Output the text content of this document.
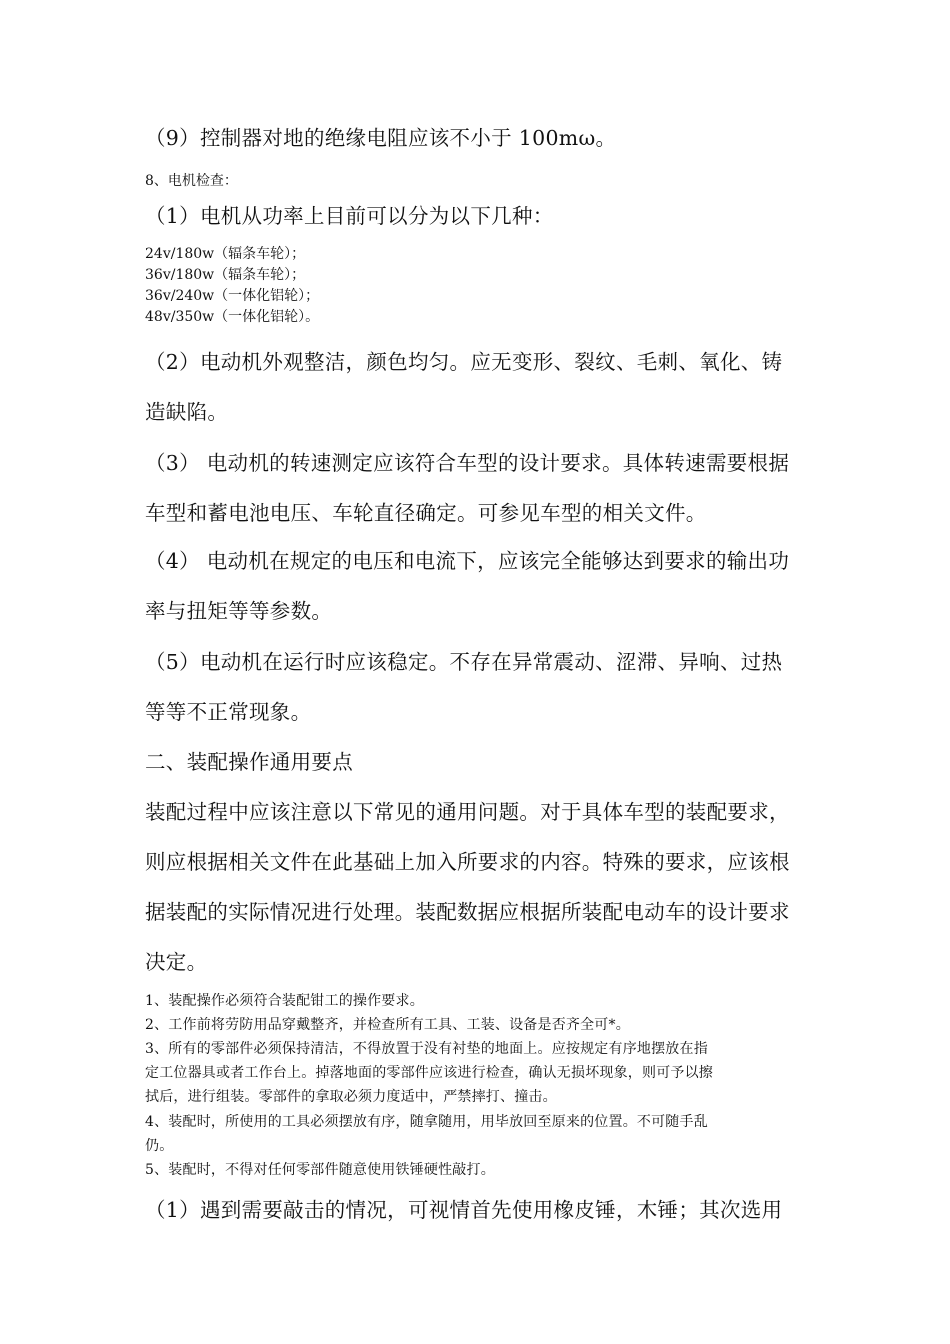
（9）控制器对地的绝缘电阻应该不小于 100mω。

8、电机检查：

（1）电机从功率上目前可以分为以下几种：

24v/180w（辐条车轮）；

36v/180w（辐条车轮）；

36v/240w（一体化铝轮）；

48v/350w（一体化铝轮）。

（2）电动机外观整洁，颜色均匀。应无变形、裂纹、毛刺、氧化、铸

造缺陷。

（3） 电动机的转速测定应该符合车型的设计要求。具体转速需要根据

车型和蓄电池电压、车轮直径确定。可参见车型的相关文件。

（4） 电动机在规定的电压和电流下，应该完全能够达到要求的输出功

率与扭矩等等参数。

（5）电动机在运行时应该稳定。不存在异常震动、涩滞、异响、过热

等等不正常现象。

二、装配操作通用要点

装配过程中应该注意以下常见的通用问题。对于具体车型的装配要求，

则应根据相关文件在此基础上加入所要求的内容。特殊的要求，应该根

据装配的实际情况进行处理。装配数据应根据所装配电动车的设计要求

决定。

1、装配操作必须符合装配钳工的操作要求。

2、工作前将劳防用品穿戴整齐，并检查所有工具、工装、设备是否齐全可*。

3、所有的零部件必须保持清洁，不得放置于没有衬垫的地面上。应按规定有序地摆放在指

定工位器具或者工作台上。掉落地面的零部件应该进行检查，确认无损坏现象，则可予以擦

拭后，进行组装。零部件的拿取必须力度适中，严禁摔打、撞击。

4、装配时，所使用的工具必须摆放有序，随拿随用，用毕放回至原来的位置。不可随手乱

仍。

5、装配时，不得对任何零部件随意使用铁锤硬性敲打。

（1）遇到需要敲击的情况，可视情首先使用橡皮锤，木锤；其次选用
